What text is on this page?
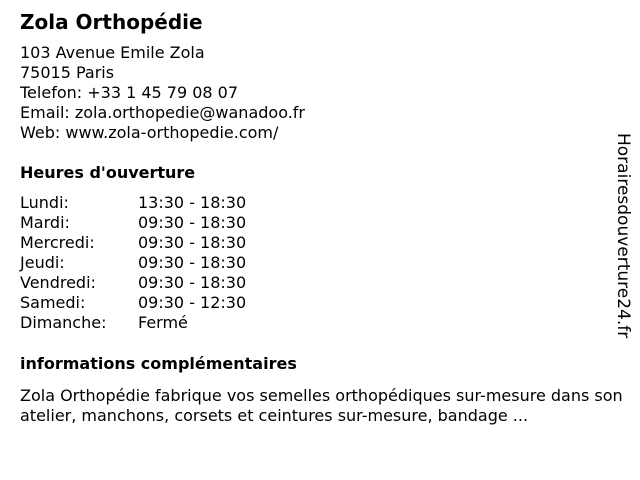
Zola Orthopédie
103 Avenue Emile Zola
75015 Paris
Telefon: +33 1 45 79 08 07
Email: zola.orthopedie@wanadoo.fr
Web: www.zola-orthopedie.com/
Heures d'ouverture
Lundi:	13:30 - 18:30
Mardi:	09:30 - 18:30
Mercredi:	09:30 - 18:30
Jeudi:	09:30 - 18:30
Vendredi:	09:30 - 18:30
Samedi:	09:30 - 12:30
Dimanche: Fermé
informations complémentaires
Zola Orthopédie fabrique vos semelles orthopédiques sur-mesure dans son atelier, manchons, corsets et ceintures sur-mesure, bandage ...
Horairesdouverture24.fr
